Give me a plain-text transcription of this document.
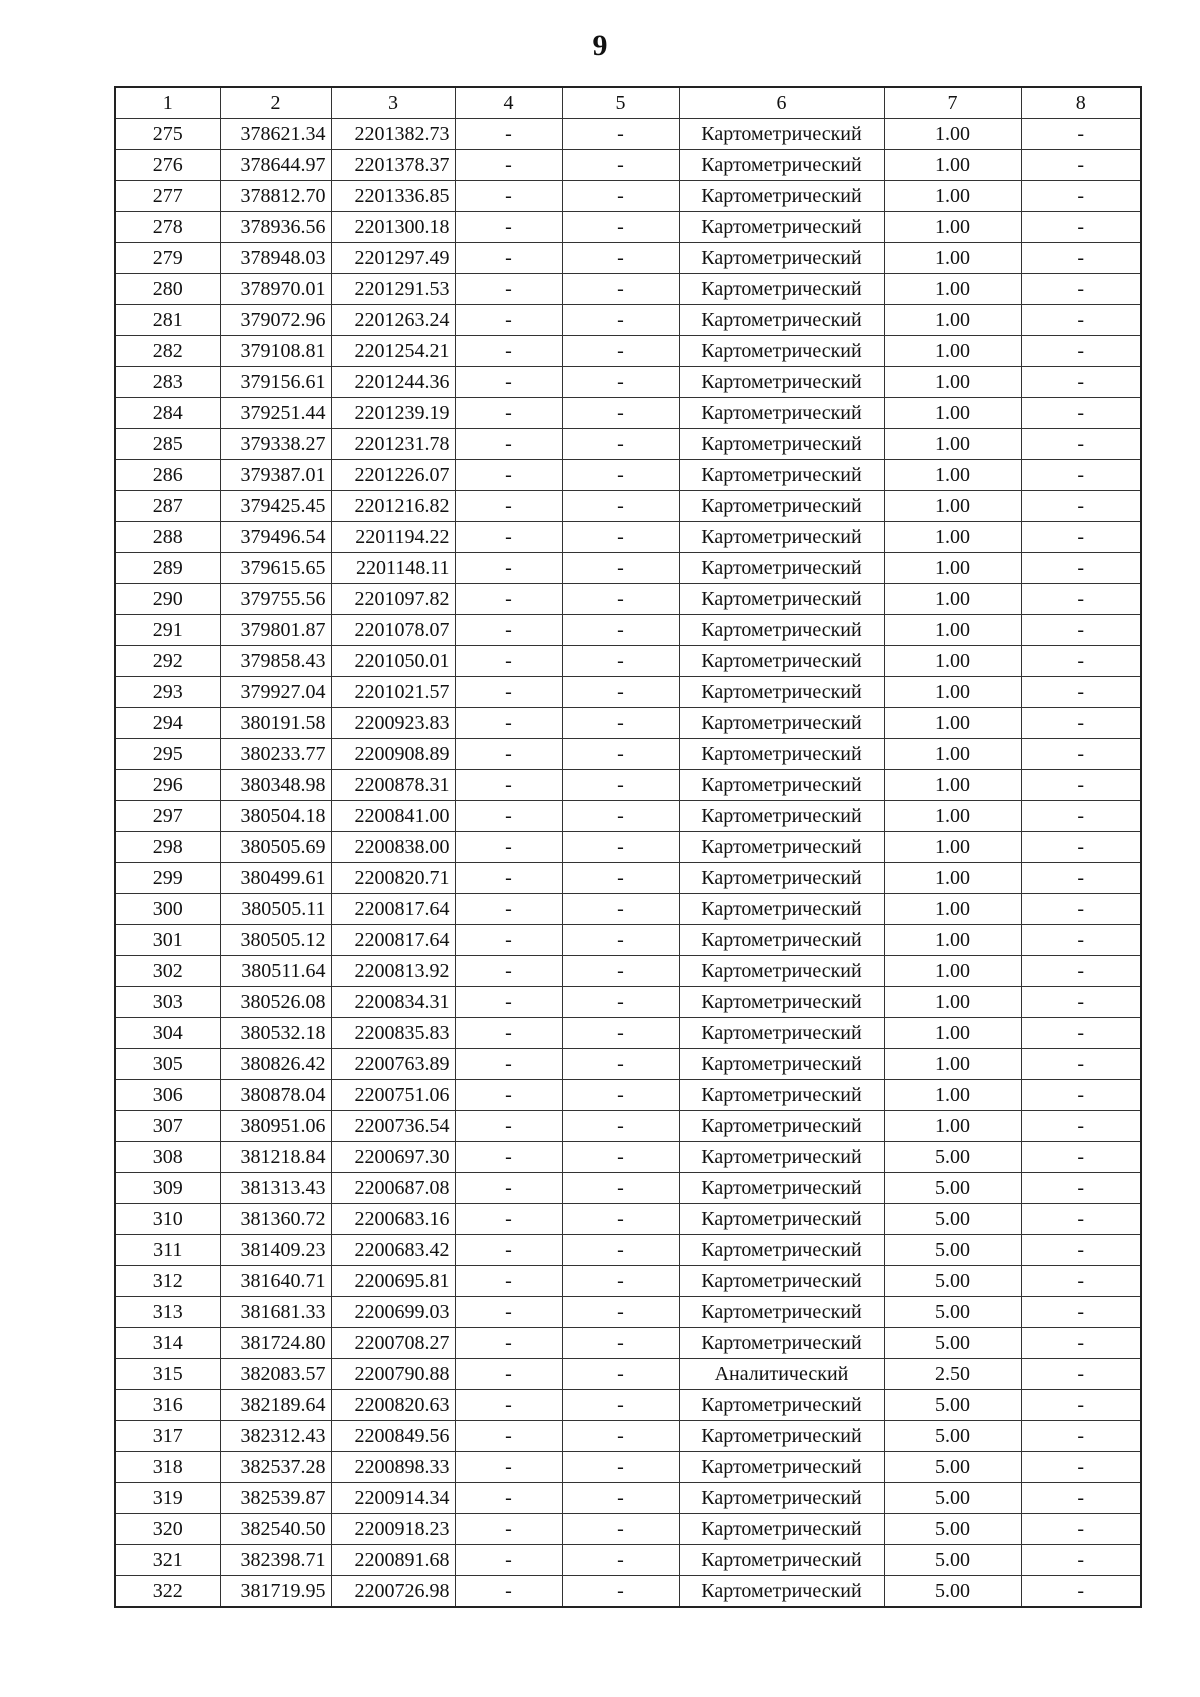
9
1	2	3	4	5	6	7	8
275	378621.34	2201382.73	-	-	Картометрический	1.00	-
276	378644.97	2201378.37	-	-	Картометрический	1.00	-
277	378812.70	2201336.85	-	-	Картометрический	1.00	-
278	378936.56	2201300.18	-	-	Картометрический	1.00	-
279	378948.03	2201297.49	-	-	Картометрический	1.00	-
280	378970.01	2201291.53	-	-	Картометрический	1.00	-
281	379072.96	2201263.24	-	-	Картометрический	1.00	-
282	379108.81	2201254.21	-	-	Картометрический	1.00	-
283	379156.61	2201244.36	-	-	Картометрический	1.00	-
284	379251.44	2201239.19	-	-	Картометрический	1.00	-
285	379338.27	2201231.78	-	-	Картометрический	1.00	-
286	379387.01	2201226.07	-	-	Картометрический	1.00	-
287	379425.45	2201216.82	-	-	Картометрический	1.00	-
288	379496.54	2201194.22	-	-	Картометрический	1.00	-
289	379615.65	2201148.11	-	-	Картометрический	1.00	-
290	379755.56	2201097.82	-	-	Картометрический	1.00	-
291	379801.87	2201078.07	-	-	Картометрический	1.00	-
292	379858.43	2201050.01	-	-	Картометрический	1.00	-
293	379927.04	2201021.57	-	-	Картометрический	1.00	-
294	380191.58	2200923.83	-	-	Картометрический	1.00	-
295	380233.77	2200908.89	-	-	Картометрический	1.00	-
296	380348.98	2200878.31	-	-	Картометрический	1.00	-
297	380504.18	2200841.00	-	-	Картометрический	1.00	-
298	380505.69	2200838.00	-	-	Картометрический	1.00	-
299	380499.61	2200820.71	-	-	Картометрический	1.00	-
300	380505.11	2200817.64	-	-	Картометрический	1.00	-
301	380505.12	2200817.64	-	-	Картометрический	1.00	-
302	380511.64	2200813.92	-	-	Картометрический	1.00	-
303	380526.08	2200834.31	-	-	Картометрический	1.00	-
304	380532.18	2200835.83	-	-	Картометрический	1.00	-
305	380826.42	2200763.89	-	-	Картометрический	1.00	-
306	380878.04	2200751.06	-	-	Картометрический	1.00	-
307	380951.06	2200736.54	-	-	Картометрический	1.00	-
308	381218.84	2200697.30	-	-	Картометрический	5.00	-
309	381313.43	2200687.08	-	-	Картометрический	5.00	-
310	381360.72	2200683.16	-	-	Картометрический	5.00	-
311	381409.23	2200683.42	-	-	Картометрический	5.00	-
312	381640.71	2200695.81	-	-	Картометрический	5.00	-
313	381681.33	2200699.03	-	-	Картометрический	5.00	-
314	381724.80	2200708.27	-	-	Картометрический	5.00	-
315	382083.57	2200790.88	-	-	Аналитический	2.50	-
316	382189.64	2200820.63	-	-	Картометрический	5.00	-
317	382312.43	2200849.56	-	-	Картометрический	5.00	-
318	382537.28	2200898.33	-	-	Картометрический	5.00	-
319	382539.87	2200914.34	-	-	Картометрический	5.00	-
320	382540.50	2200918.23	-	-	Картометрический	5.00	-
321	382398.71	2200891.68	-	-	Картометрический	5.00	-
322	381719.95	2200726.98	-	-	Картометрический	5.00	-
